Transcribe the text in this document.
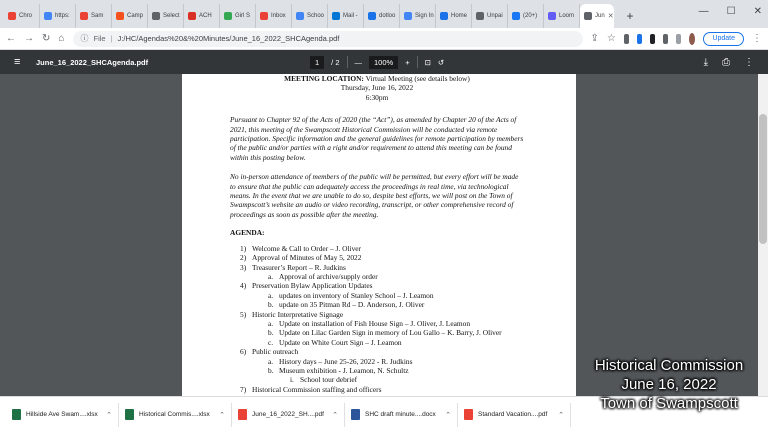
Chro	https:	Sam	Camp	Select	ACH	Girl S	Inbox	Schoo	Mail -	dotloo	Sign In	Home	Unpai	(20+)	Loom	Jun ✕	+	— ☐ ✕
← → ↻ ⌂ ⓘ File | J:/HC/Agendas%20&%20Minutes/June_16_2022_SHCAgenda.pdf	⇪ ☆	Update	⋮
≡	June_16_2022_SHCAgenda.pdf	1	/ 2 —	100%	+ ⊡ ↺	⤓ ⎙ ⋮
MEETING LOCATION: Virtual Meeting (see details below)
Thursday, June 16, 2022
6:30pm
Pursuant to Chapter 92 of the Acts of 2020 (the “Act”), as amended by Chapter 20 of the Acts of 2021, this meeting of the Swampscott Historical Commission will be conducted via remote participation. Specific information and the general guidelines for remote participation by members of the public and/or parties with a right and/or requirement to attend this meeting can be found within this posting below.
No in-person attendance of members of the public will be permitted, but every effort will be made to ensure that the public can adequately access the proceedings in real time, via technological means. In the event that we are unable to do so, despite best efforts, we will post on the Town of Swampscott’s website an audio or video recording, transcript, or other comprehensive record of proceedings as soon as possible after the meeting.
AGENDA:
1) Welcome & Call to Order – J. Oliver
2) Approval of Minutes of May 5, 2022
3) Treasurer’s Report – R. Judkins
a. Approval of archive/supply order
4) Preservation Bylaw Application Updates
a. updates on inventory of Stanley School – J. Leamon
b. update on 35 Pitman Rd – D. Anderson, J. Oliver
5) Historic Interpretative Signage
a. Update on installation of Fish House Sign – J. Oliver, J. Leamon
b. Update on Lilac Garden Sign in memory of Lou Gallo – K. Barry, J. Oliver
c. Update on White Court Sign – J. Leamon
6) Public outreach
a. History days – June 25-26, 2022 - R. Judkins
b. Museum exhibition - J. Leamon, N. Schultz
i. School tour debrief
7) Historical Commission staffing and officers
Hillside Ave Swam....xlsx ⌃	Historical Commis....xlsx ⌃	June_16_2022_SH....pdf ⌃	SHC draft minute....docx ⌃	Standard Vacation....pdf ⌃
Historical Commission
June 16, 2022
Town of Swampscott
